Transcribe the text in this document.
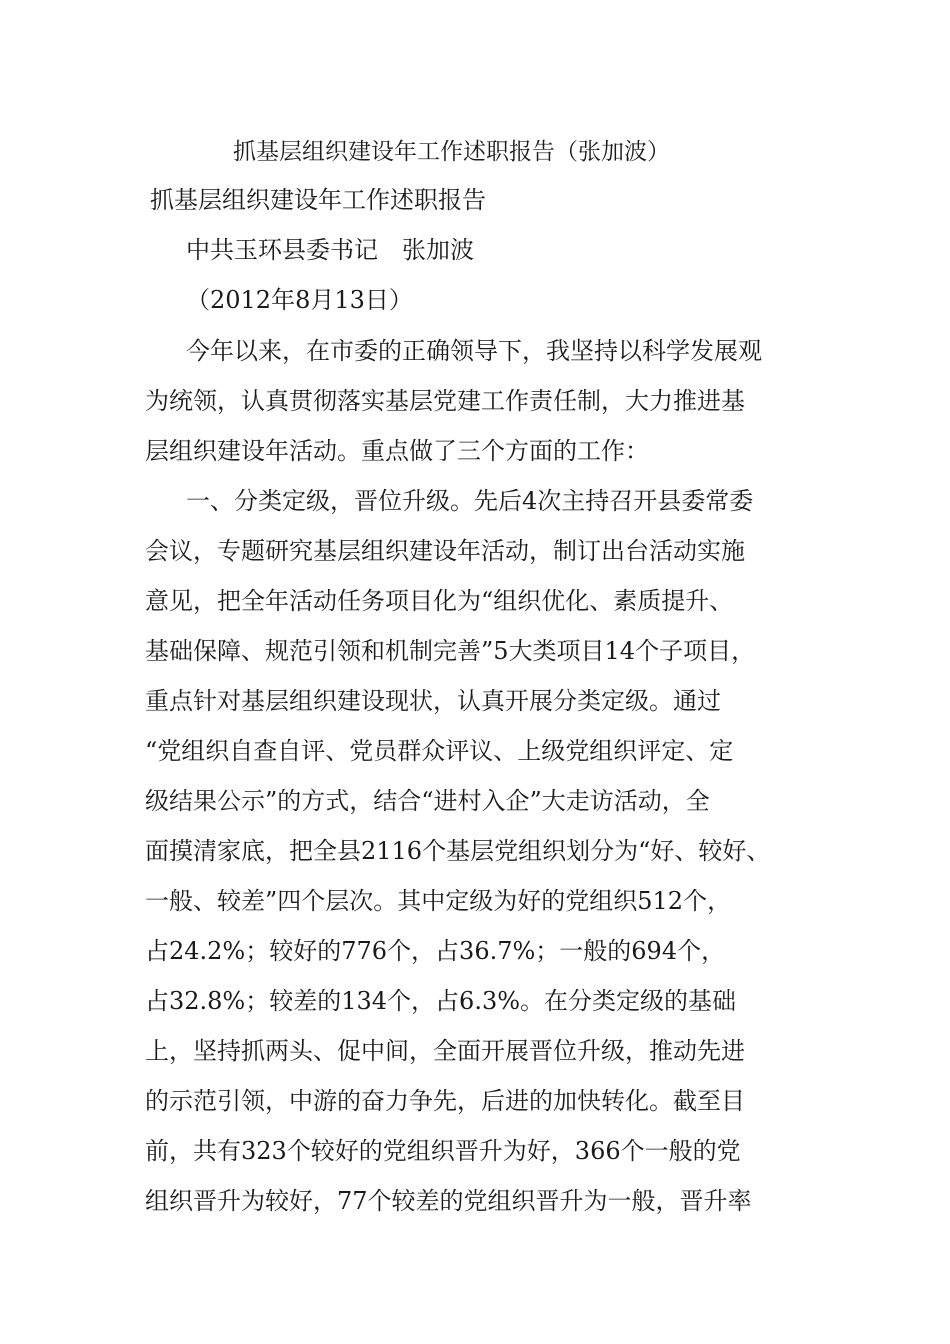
抓基层组织建设年工作述职报告（张加波）
抓基层组织建设年工作述职报告
中共玉环县委书记　张加波
（2012年8月13日）
今年以来，在市委的正确领导下，我坚持以科学发展观
为统领，认真贯彻落实基层党建工作责任制，大力推进基
层组织建设年活动。重点做了三个方面的工作：
一、分类定级，晋位升级。先后4次主持召开县委常委
会议，专题研究基层组织建设年活动，制订出台活动实施
意见，把全年活动任务项目化为“组织优化、素质提升、
基础保障、规范引领和机制完善”5大类项目14个子项目，
重点针对基层组织建设现状，认真开展分类定级。通过
“党组织自查自评、党员群众评议、上级党组织评定、定
级结果公示”的方式，结合“进村入企”大走访活动，全
面摸清家底，把全县2116个基层党组织划分为“好、较好、
一般、较差”四个层次。其中定级为好的党组织512个，
占24.2%；较好的776个，占36.7%；一般的694个，
占32.8%；较差的134个，占6.3%。在分类定级的基础
上，坚持抓两头、促中间，全面开展晋位升级，推动先进
的示范引领，中游的奋力争先，后进的加快转化。截至目
前，共有323个较好的党组织晋升为好，366个一般的党
组织晋升为较好，77个较差的党组织晋升为一般，晋升率
